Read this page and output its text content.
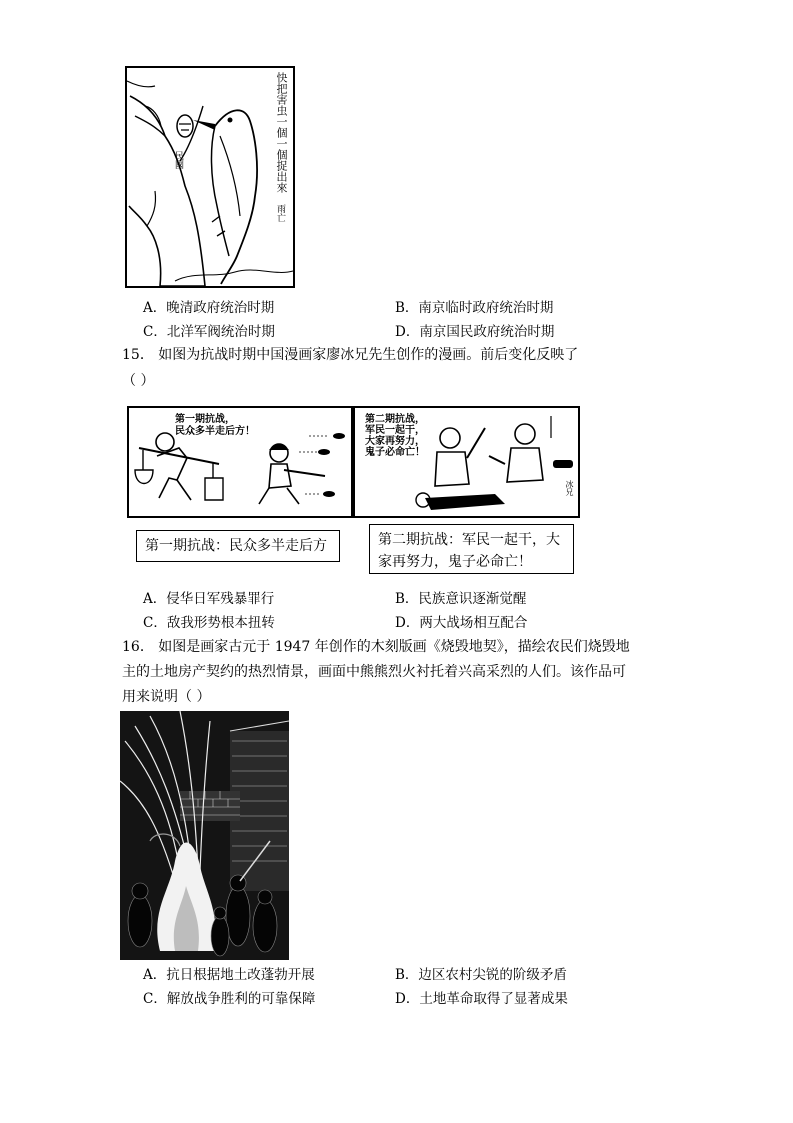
快把害虫一個一個捉出來
民國
雨亡
A．晚清政府统治时期	B．南京临时政府统治时期
C．北洋军阀统治时期	D．南京国民政府统治时期
15． 如图为抗战时期中国漫画家廖冰兄先生创作的漫画。前后变化反映了
（ ）
第一期抗战，
民众多半走后方！
第二期抗战，
军民一起干，
大家再努力，
鬼子必命亡！
冰兄
第一期抗战：民众多半走后方	第二期抗战：军民一起干，大
家再努力，鬼子必命亡！
A．侵华日军残暴罪行	B．民族意识逐渐觉醒
C．敌我形势根本扭转	D．两大战场相互配合
16． 如图是画家古元于 1947 年创作的木刻版画《烧毁地契》，描绘农民们烧毁地
主的土地房产契约的热烈情景，画面中熊熊烈火衬托着兴高采烈的人们。该作品可
用来说明（ ）
A．抗日根据地土改蓬勃开展	B．边区农村尖锐的阶级矛盾
C．解放战争胜利的可靠保障	D．土地革命取得了显著成果
